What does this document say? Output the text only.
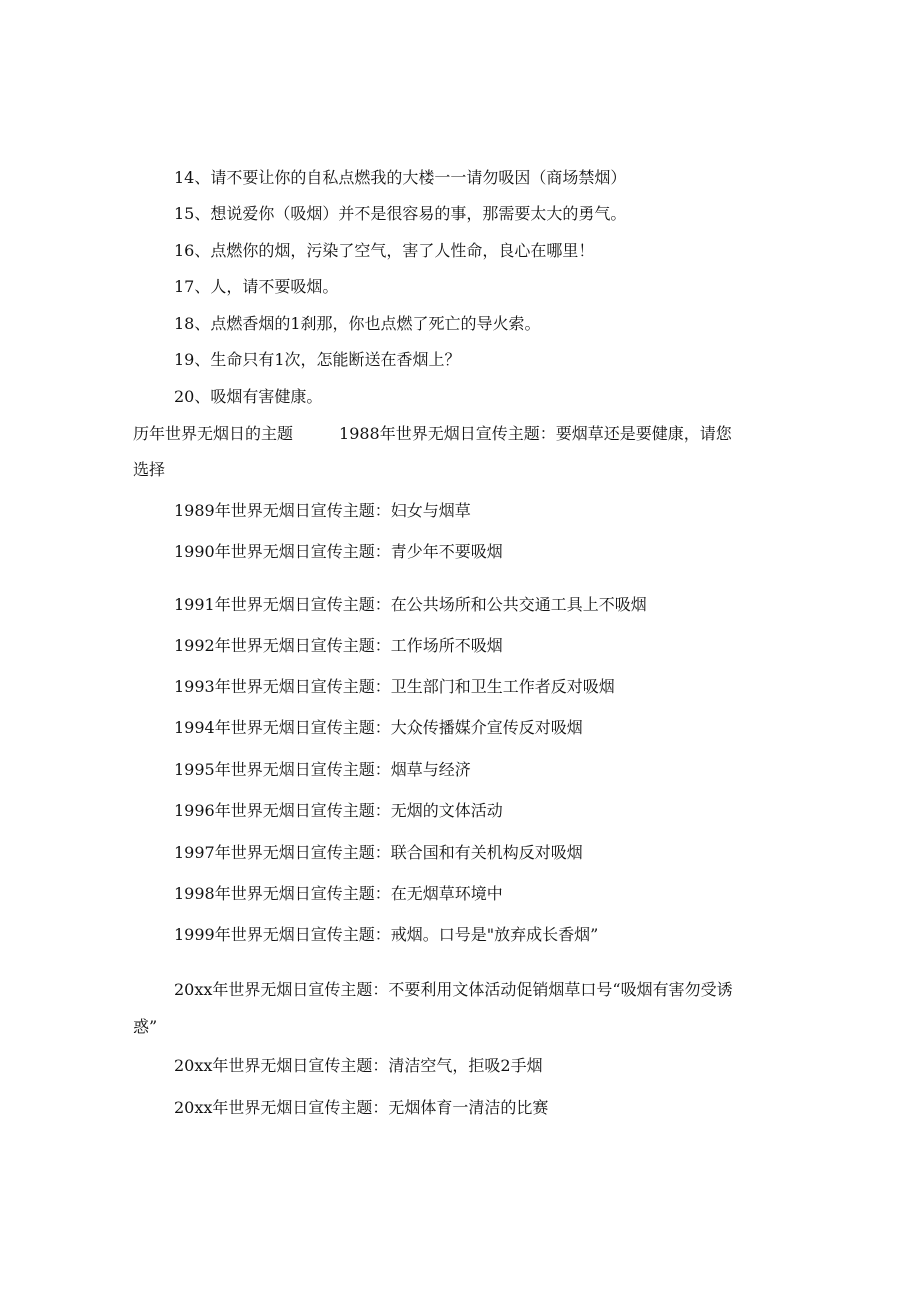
14、请不要让你的自私点燃我的大楼一一请勿吸因（商场禁烟）
15、想说爱你（吸烟）并不是很容易的事，那需要太大的勇气。
16、点燃你的烟，污染了空气，害了人性命，良心在哪里！
17、人，请不要吸烟。
18、点燃香烟的1刹那，你也点燃了死亡的导火索。
19、生命只有1次，怎能断送在香烟上？
20、吸烟有害健康。
历年世界无烟日的主题	1988年世界无烟日宣传主题：要烟草还是要健康，请您
选择
1989年世界无烟日宣传主题：妇女与烟草
1990年世界无烟日宣传主题：青少年不要吸烟
1991年世界无烟日宣传主题：在公共场所和公共交通工具上不吸烟
1992年世界无烟日宣传主题：工作场所不吸烟
1993年世界无烟日宣传主题：卫生部门和卫生工作者反对吸烟
1994年世界无烟日宣传主题：大众传播媒介宣传反对吸烟
1995年世界无烟日宣传主题：烟草与经济
1996年世界无烟日宣传主题：无烟的文体活动
1997年世界无烟日宣传主题：联合国和有关机构反对吸烟
1998年世界无烟日宣传主题：在无烟草环境中
1999年世界无烟日宣传主题：戒烟。口号是"放弃成长香烟”
20xx年世界无烟日宣传主题：不要利用文体活动促销烟草口号“吸烟有害勿受诱
惑”
20xx年世界无烟日宣传主题：清洁空气，拒吸2手烟
20xx年世界无烟日宣传主题：无烟体育一清洁的比赛
